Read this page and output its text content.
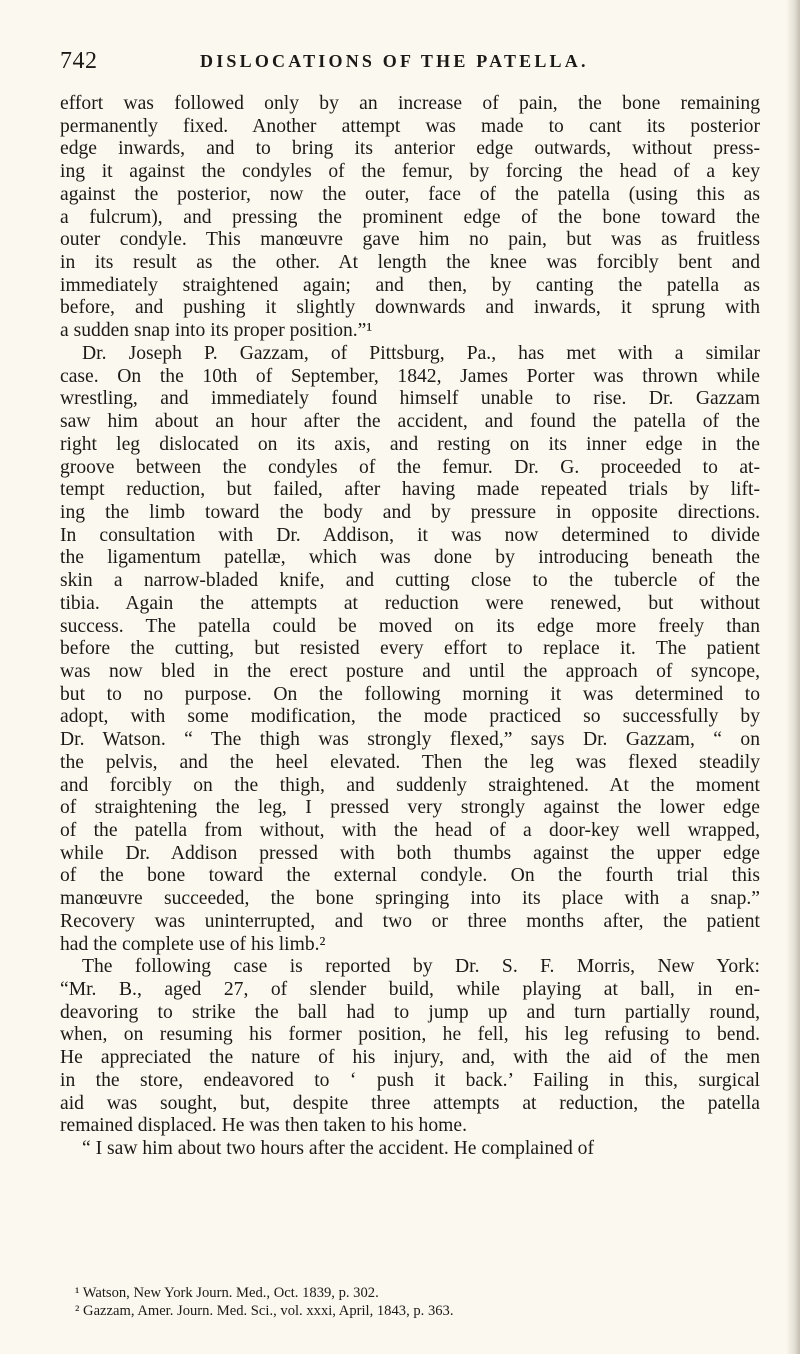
742	DISLOCATIONS OF THE PATELLA.
effort was followed only by an increase of pain, the bone remaining
permanently fixed. Another attempt was made to cant its posterior
edge inwards, and to bring its anterior edge outwards, without press-
ing it against the condyles of the femur, by forcing the head of a key
against the posterior, now the outer, face of the patella (using this as
a fulcrum), and pressing the prominent edge of the bone toward the
outer condyle. This manœuvre gave him no pain, but was as fruitless
in its result as the other. At length the knee was forcibly bent and
immediately straightened again; and then, by canting the patella as
before, and pushing it slightly downwards and inwards, it sprung with
a sudden snap into its proper position.”¹
Dr. Joseph P. Gazzam, of Pittsburg, Pa., has met with a similar
case. On the 10th of September, 1842, James Porter was thrown while
wrestling, and immediately found himself unable to rise. Dr. Gazzam
saw him about an hour after the accident, and found the patella of the
right leg dislocated on its axis, and resting on its inner edge in the
groove between the condyles of the femur. Dr. G. proceeded to at-
tempt reduction, but failed, after having made repeated trials by lift-
ing the limb toward the body and by pressure in opposite directions.
In consultation with Dr. Addison, it was now determined to divide
the ligamentum patellæ, which was done by introducing beneath the
skin a narrow-bladed knife, and cutting close to the tubercle of the
tibia. Again the attempts at reduction were renewed, but without
success. The patella could be moved on its edge more freely than
before the cutting, but resisted every effort to replace it. The patient
was now bled in the erect posture and until the approach of syncope,
but to no purpose. On the following morning it was determined to
adopt, with some modification, the mode practiced so successfully by
Dr. Watson. “ The thigh was strongly flexed,” says Dr. Gazzam, “ on
the pelvis, and the heel elevated. Then the leg was flexed steadily
and forcibly on the thigh, and suddenly straightened. At the moment
of straightening the leg, I pressed very strongly against the lower edge
of the patella from without, with the head of a door-key well wrapped,
while Dr. Addison pressed with both thumbs against the upper edge
of the bone toward the external condyle. On the fourth trial this
manœuvre succeeded, the bone springing into its place with a snap.”
Recovery was uninterrupted, and two or three months after, the patient
had the complete use of his limb.²
The following case is reported by Dr. S. F. Morris, New York:
“Mr. B., aged 27, of slender build, while playing at ball, in en-
deavoring to strike the ball had to jump up and turn partially round,
when, on resuming his former position, he fell, his leg refusing to bend.
He appreciated the nature of his injury, and, with the aid of the men
in the store, endeavored to ‘ push it back.’ Failing in this, surgical
aid was sought, but, despite three attempts at reduction, the patella
remained displaced. He was then taken to his home.
“ I saw him about two hours after the accident. He complained of
¹ Watson, New York Journ. Med., Oct. 1839, p. 302.
² Gazzam, Amer. Journ. Med. Sci., vol. xxxi, April, 1843, p. 363.
